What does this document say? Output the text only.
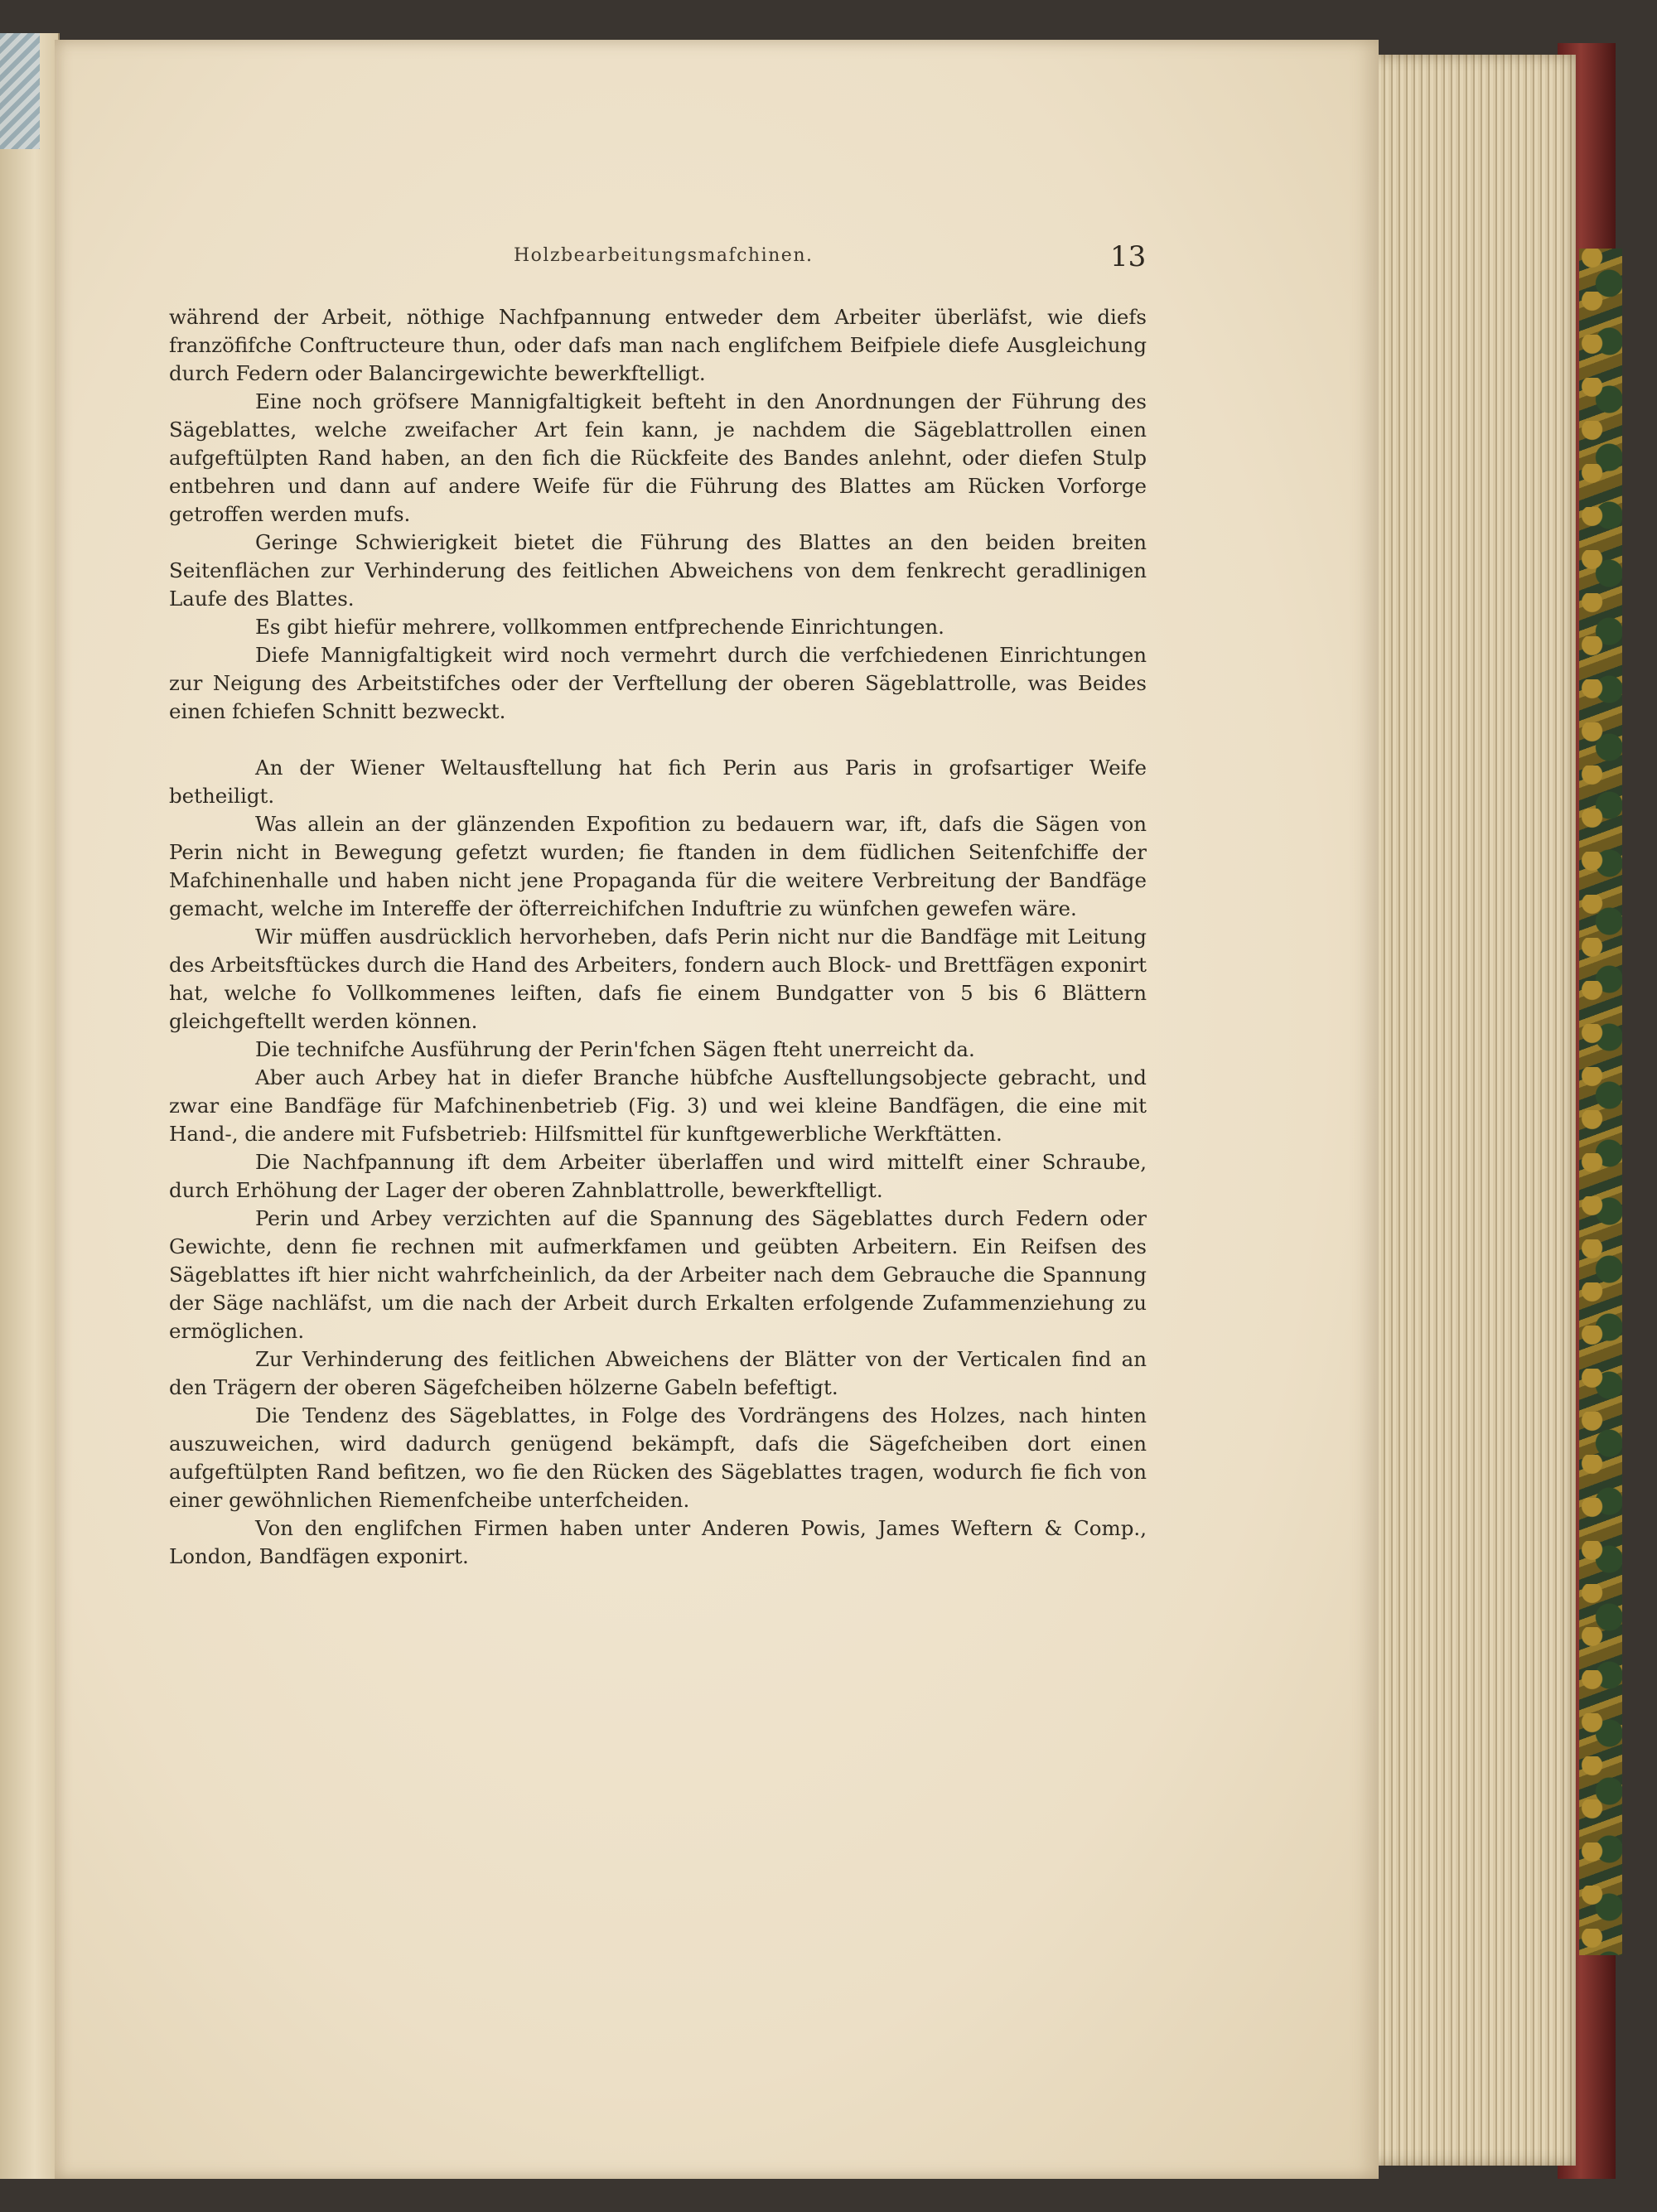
Holzbearbeitungsmafchinen.	13

während der Arbeit, nöthige Nachfpannung entweder dem Arbeiter überläfst, wie diefs franzöfifche Conftructeure thun, oder dafs man nach englifchem Beifpiele diefe Ausgleichung durch Federn oder Balancirgewichte bewerkftelligt.

Eine noch gröfsere Mannigfaltigkeit befteht in den Anordnungen der Führung des Sägeblattes, welche zweifacher Art fein kann, je nachdem die Sägeblattrollen einen aufgeftülpten Rand haben, an den fich die Rückfeite des Bandes anlehnt, oder diefen Stulp entbehren und dann auf andere Weife für die Führung des Blattes am Rücken Vorforge getroffen werden mufs.

Geringe Schwierigkeit bietet die Führung des Blattes an den beiden breiten Seitenflächen zur Verhinderung des feitlichen Abweichens von dem fenkrecht geradlinigen Laufe des Blattes.

Es gibt hiefür mehrere, vollkommen entfprechende Einrichtungen.

Diefe Mannigfaltigkeit wird noch vermehrt durch die verfchiedenen Einrichtungen zur Neigung des Arbeitstifches oder der Verftellung der oberen Sägeblattrolle, was Beides einen fchiefen Schnitt bezweckt.

An der Wiener Weltausftellung hat fich Perin aus Paris in grofsartiger Weife betheiligt.

Was allein an der glänzenden Expofition zu bedauern war, ift, dafs die Sägen von Perin nicht in Bewegung gefetzt wurden; fie ftanden in dem füdlichen Seitenfchiffe der Mafchinenhalle und haben nicht jene Propaganda für die weitere Verbreitung der Bandfäge gemacht, welche im Intereffe der öfterreichifchen Induftrie zu wünfchen gewefen wäre.

Wir müffen ausdrücklich hervorheben, dafs Perin nicht nur die Bandfäge mit Leitung des Arbeitsftückes durch die Hand des Arbeiters, fondern auch Block- und Brettfägen exponirt hat, welche fo Vollkommenes leiften, dafs fie einem Bundgatter von 5 bis 6 Blättern gleichgeftellt werden können.

Die technifche Ausführung der Perin'fchen Sägen fteht unerreicht da.

Aber auch Arbey hat in diefer Branche hübfche Ausftellungsobjecte gebracht, und zwar eine Bandfäge für Mafchinenbetrieb (Fig. 3) und wei kleine Bandfägen, die eine mit Hand-, die andere mit Fufsbetrieb: Hilfsmittel für kunftgewerbliche Werkftätten.

Die Nachfpannung ift dem Arbeiter überlaffen und wird mittelft einer Schraube, durch Erhöhung der Lager der oberen Zahnblattrolle, bewerkftelligt.

Perin und Arbey verzichten auf die Spannung des Sägeblattes durch Federn oder Gewichte, denn fie rechnen mit aufmerkfamen und geübten Arbeitern. Ein Reifsen des Sägeblattes ift hier nicht wahrfcheinlich, da der Arbeiter nach dem Gebrauche die Spannung der Säge nachläfst, um die nach der Arbeit durch Erkalten erfolgende Zufammenziehung zu ermöglichen.

Zur Verhinderung des feitlichen Abweichens der Blätter von der Verticalen find an den Trägern der oberen Sägefcheiben hölzerne Gabeln befeftigt.

Die Tendenz des Sägeblattes, in Folge des Vordrängens des Holzes, nach hinten auszuweichen, wird dadurch genügend bekämpft, dafs die Sägefcheiben dort einen aufgeftülpten Rand befitzen, wo fie den Rücken des Sägeblattes tragen, wodurch fie fich von einer gewöhnlichen Riemenfcheibe unterfcheiden.

Von den englifchen Firmen haben unter Anderen Powis, James Weftern & Comp., London, Bandfägen exponirt.
